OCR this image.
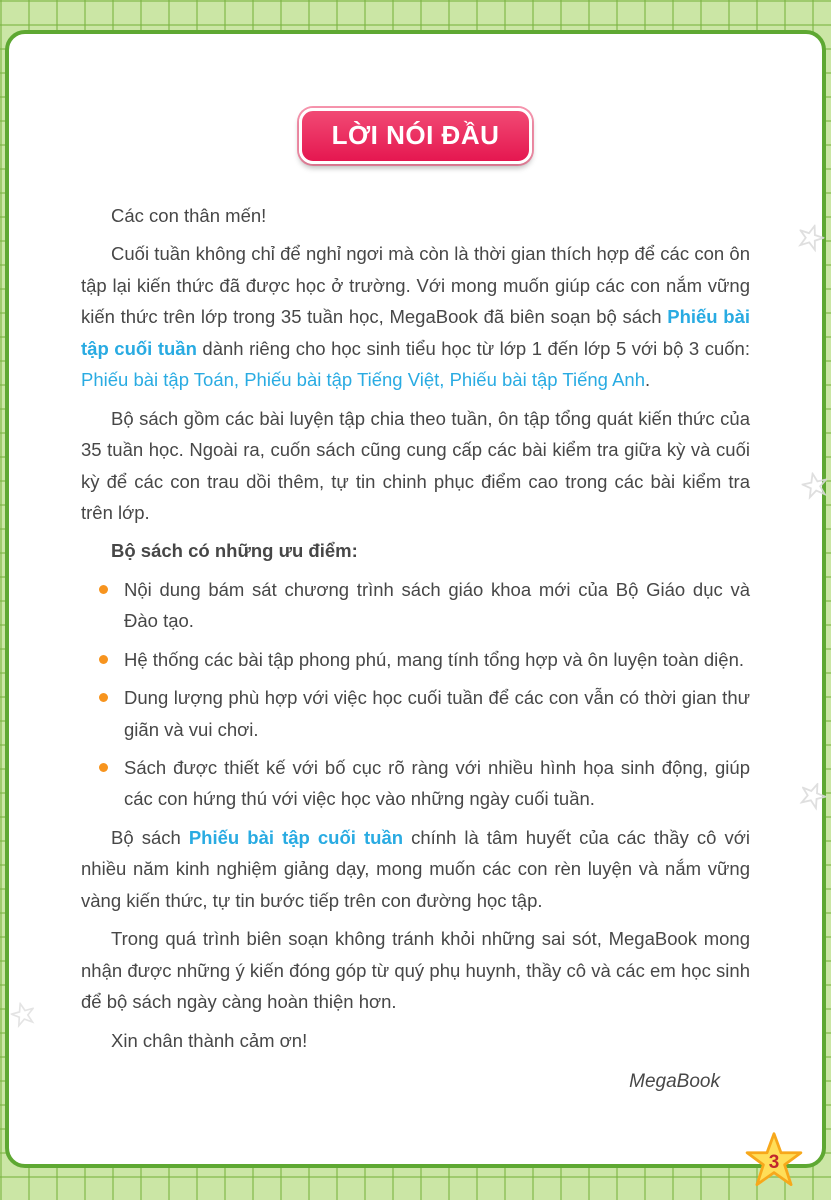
LỜI NÓI ĐẦU

Các con thân mến!

Cuối tuần không chỉ để nghỉ ngơi mà còn là thời gian thích hợp để các con ôn tập lại kiến thức đã được học ở trường. Với mong muốn giúp các con nắm vững kiến thức trên lớp trong 35 tuần học, MegaBook đã biên soạn bộ sách Phiếu bài tập cuối tuần dành riêng cho học sinh tiểu học từ lớp 1 đến lớp 5 với bộ 3 cuốn: Phiếu bài tập Toán, Phiếu bài tập Tiếng Việt, Phiếu bài tập Tiếng Anh.

Bộ sách gồm các bài luyện tập chia theo tuần, ôn tập tổng quát kiến thức của 35 tuần học. Ngoài ra, cuốn sách cũng cung cấp các bài kiểm tra giữa kỳ và cuối kỳ để các con trau dồi thêm, tự tin chinh phục điểm cao trong các bài kiểm tra trên lớp.

Bộ sách có những ưu điểm:

Nội dung bám sát chương trình sách giáo khoa mới của Bộ Giáo dục và Đào tạo.
Hệ thống các bài tập phong phú, mang tính tổng hợp và ôn luyện toàn diện.
Dung lượng phù hợp với việc học cuối tuần để các con vẫn có thời gian thư giãn và vui chơi.
Sách được thiết kế với bố cục rõ ràng với nhiều hình họa sinh động, giúp các con hứng thú với việc học vào những ngày cuối tuần.

Bộ sách Phiếu bài tập cuối tuần chính là tâm huyết của các thầy cô với nhiều năm kinh nghiệm giảng dạy, mong muốn các con rèn luyện và nắm vững vàng kiến thức, tự tin bước tiếp trên con đường học tập.

Trong quá trình biên soạn không tránh khỏi những sai sót, MegaBook mong nhận được những ý kiến đóng góp từ quý phụ huynh, thầy cô và các em học sinh để bộ sách ngày càng hoàn thiện hơn.

Xin chân thành cảm ơn!

MegaBook
3
